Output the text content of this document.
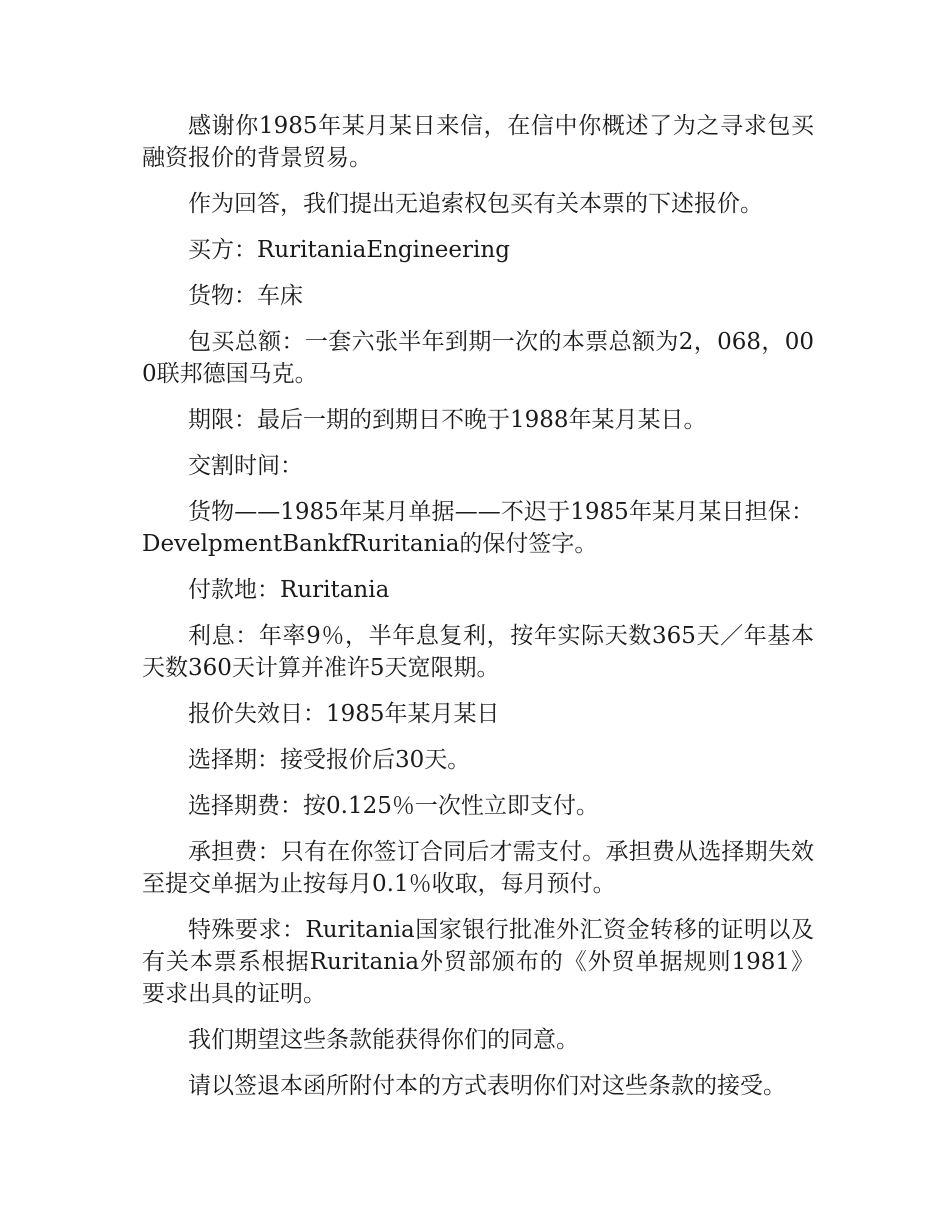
感谢你1985年某月某日来信，在信中你概述了为之寻求包买融资报价的背景贸易。

作为回答，我们提出无追索权包买有关本票的下述报价。

买方：RuritaniaEngineering

货物：车床

包买总额：一套六张半年到期一次的本票总额为2，068，000联邦德国马克。

期限：最后一期的到期日不晚于1988年某月某日。

交割时间：

货物——1985年某月单据——不迟于1985年某月某日担保：DevelpmentBankfRuritania的保付签字。

付款地：Ruritania

利息：年率9％，半年息复利，按年实际天数365天／年基本天数360天计算并准许5天宽限期。

报价失效日：1985年某月某日

选择期：接受报价后30天。

选择期费：按0.125％一次性立即支付。

承担费：只有在你签订合同后才需支付。承担费从选择期失效至提交单据为止按每月0.1％收取，每月预付。

特殊要求：Ruritania国家银行批准外汇资金转移的证明以及有关本票系根据Ruritania外贸部颁布的《外贸单据规则1981》要求出具的证明。

我们期望这些条款能获得你们的同意。

请以签退本函所附付本的方式表明你们对这些条款的接受。
